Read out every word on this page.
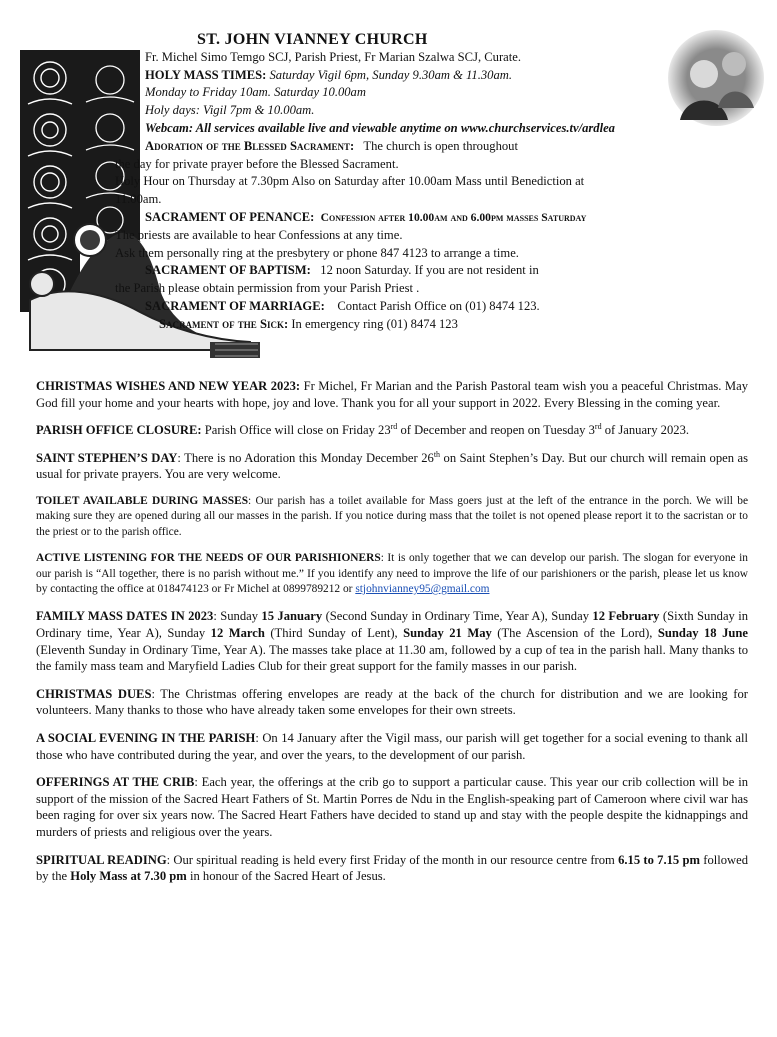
ST. JOHN VIANNEY CHURCH
Fr. Michel Simo Temgo SCJ, Parish Priest, Fr Marian Szalwa SCJ, Curate.
HOLY MASS TIMES: Saturday Vigil 6pm, Sunday 9.30am & 11.30am.
Monday to Friday 10am. Saturday 10.00am
Holy days: Vigil 7pm & 10.00am.
Webcam: All services available live and viewable anytime on www.churchservices.tv/ardlea
Adoration of the Blessed Sacrament: The church is open throughout
the day for private prayer before the Blessed Sacrament.
Holy Hour on Thursday at 7.30pm Also on Saturday after 10.00am Mass until Benediction at
11.00am.
SACRAMENT OF PENANCE: Confession after 10.00am and 6.00pm masses Saturday
The priests are available to hear Confessions at any time.
Ask them personally ring at the presbytery or phone 847 4123 to arrange a time.
SACRAMENT OF BAPTISM: 12 noon Saturday. If you are not resident in
the Parish please obtain permission from your Parish Priest .
SACRAMENT OF MARRIAGE: Contact Parish Office on (01) 8474 123.
Sacrament of the Sick: In emergency ring (01) 8474 123

CHRISTMAS WISHES AND NEW YEAR 2023: Fr Michel, Fr Marian and the Parish Pastoral team wish you a peaceful Christmas. May God fill your home and your hearts with hope, joy and love. Thank you for all your support in 2022. Every Blessing in the coming year.

PARISH OFFICE CLOSURE: Parish Office will close on Friday 23rd of December and reopen on Tuesday 3rd of January 2023.

SAINT STEPHEN’S DAY: There is no Adoration this Monday December 26th on Saint Stephen’s Day. But our church will remain open as usual for private prayers. You are very welcome.

TOILET AVAILABLE DURING MASSES: Our parish has a toilet available for Mass goers just at the left of the entrance in the porch. We will be making sure they are opened during all our masses in the parish. If you notice during mass that the toilet is not opened please report it to the sacristan or to the priest or to the parish office.

ACTIVE LISTENING FOR THE NEEDS OF OUR PARISHIONERS: It is only together that we can develop our parish. The slogan for everyone in our parish is “All together, there is no parish without me.” If you identify any need to improve the life of our parishioners or the parish, please let us know by contacting the office at 018474123 or Fr Michel at 0899789212 or stjohnvianney95@gmail.com

FAMILY MASS DATES IN 2023: Sunday 15 January (Second Sunday in Ordinary Time, Year A), Sunday 12 February (Sixth Sunday in Ordinary time, Year A), Sunday 12 March (Third Sunday of Lent), Sunday 21 May (The Ascension of the Lord), Sunday 18 June (Eleventh Sunday in Ordinary Time, Year A). The masses take place at 11.30 am, followed by a cup of tea in the parish hall. Many thanks to the family mass team and Maryfield Ladies Club for their great support for the family masses in our parish.

CHRISTMAS DUES: The Christmas offering envelopes are ready at the back of the church for distribution and we are looking for volunteers. Many thanks to those who have already taken some envelopes for their own streets.

A SOCIAL EVENING IN THE PARISH: On 14 January after the Vigil mass, our parish will get together for a social evening to thank all those who have contributed during the year, and over the years, to the development of our parish.

OFFERINGS AT THE CRIB: Each year, the offerings at the crib go to support a particular cause. This year our crib collection will be in support of the mission of the Sacred Heart Fathers of St. Martin Porres de Ndu in the English-speaking part of Cameroon where civil war has been raging for over six years now. The Sacred Heart Fathers have decided to stand up and stay with the people despite the kidnappings and murders of priests and religious over the years.

SPIRITUAL READING: Our spiritual reading is held every first Friday of the month in our resource centre from 6.15 to 7.15 pm followed by the Holy Mass at 7.30 pm in honour of the Sacred Heart of Jesus.
